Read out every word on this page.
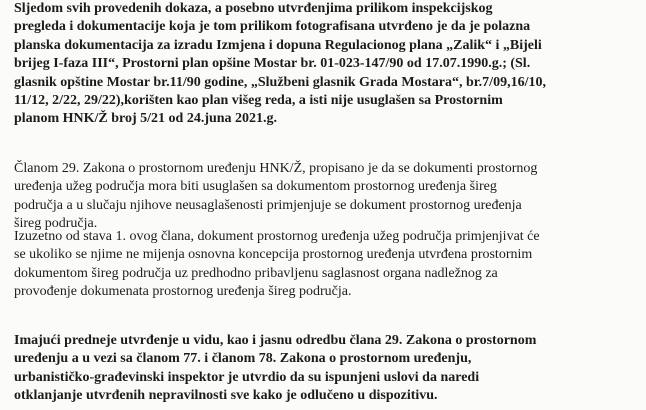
Sljedom svih provedenih dokaza, a posebno utvrđenjima prilikom inspekcijskog
pregleda i dokumentacije koja je tom prilikom fotografisana utvrđeno je da je polazna
planska dokumentacija za izradu Izmjena i dopuna Regulacionog plana „Zalik“ i „Bijeli
brijeg I-faza III“, Prostorni plan opšine Mostar br. 01-023-147/90 od 17.07.1990.g.; (Sl.
glasnik opštine Mostar br.11/90 godine, „Službeni glasnik Grada Mostara“, br.7/09,16/10,
11/12, 2/22, 29/22),korišten kao plan višeg reda, a isti nije usuglašen sa Prostornim
planom HNK/Ž broj 5/21 od 24.juna 2021.g.
Članom 29. Zakona o prostornom uređenju HNK/Ž, propisano je da se dokumenti prostornog
uređenja užeg područja mora biti usuglašen sa dokumentom prostornog uređenja šireg
područja a u slučaju njihove neusaglašenosti primjenjuje se dokument prostornog uređenja
šireg područja.
Izuzetno od stava 1. ovog člana, dokument prostornog uređenja užeg područja primjenjivat će
se ukoliko se njime ne mijenja osnovna koncepcija prostornog uređenja utvrđena prostornim
dokumentom šireg područja uz predhodno pribavljenu saglasnost organa nadležnog za
provođenje dokumenata prostornog uređenja šireg područja.
Imajući predneje utvrđenje u vidu, kao i jasnu odredbu člana 29. Zakona o prostornom
uređenju a u vezi sa članom 77. i članom 78. Zakona o prostornom uređenju,
urbanističko-građevinski inspektor je utvrdio da su ispunjeni uslovi da naredi
otklanjanje utvrđenih nepravilnosti sve kako je odlučeno u dispozitivu.
